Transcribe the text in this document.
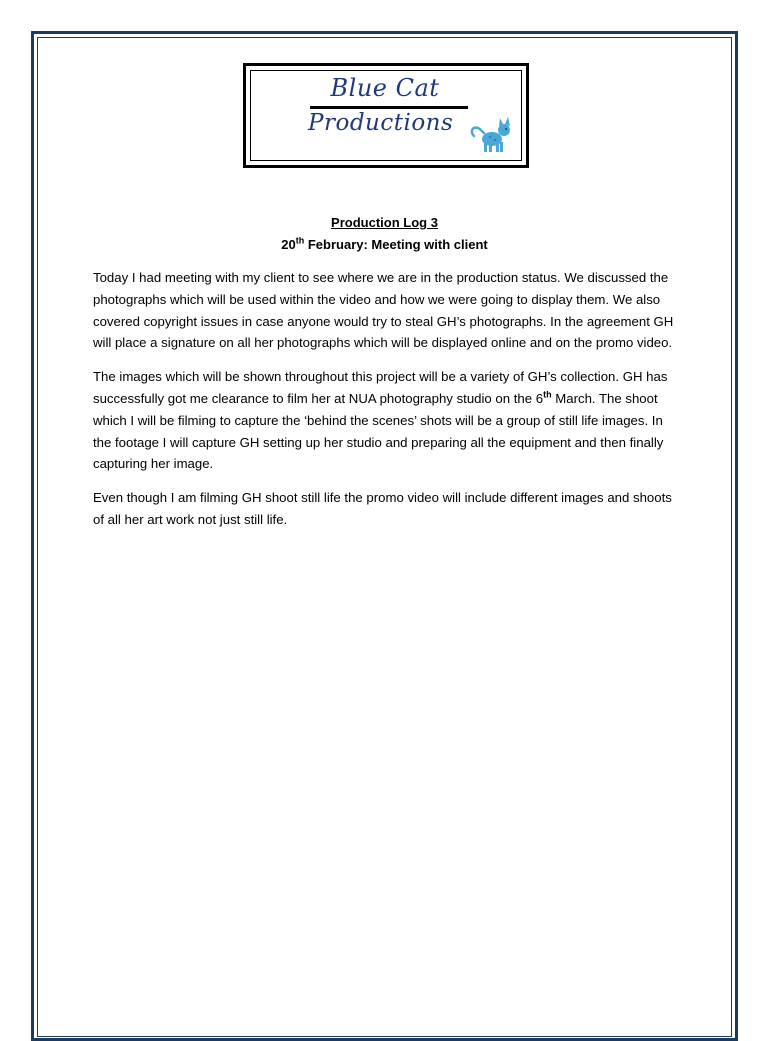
Blue Cat
Productions
Production Log 3
20th February: Meeting with client

Today I had meeting with my client to see where we are in the production status. We discussed the photographs which will be used within the video and how we were going to display them. We also covered copyright issues in case anyone would try to steal GH’s photographs. In the agreement GH will place a signature on all her photographs which will be displayed online and on the promo video.

The images which will be shown throughout this project will be a variety of GH’s collection. GH has successfully got me clearance to film her at NUA photography studio on the 6th March. The shoot which I will be filming to capture the ‘behind the scenes’ shots will be a group of still life images. In the footage I will capture GH setting up her studio and preparing all the equipment and then finally capturing her image.

Even though I am filming GH shoot still life the promo video will include different images and shoots of all her art work not just still life.
